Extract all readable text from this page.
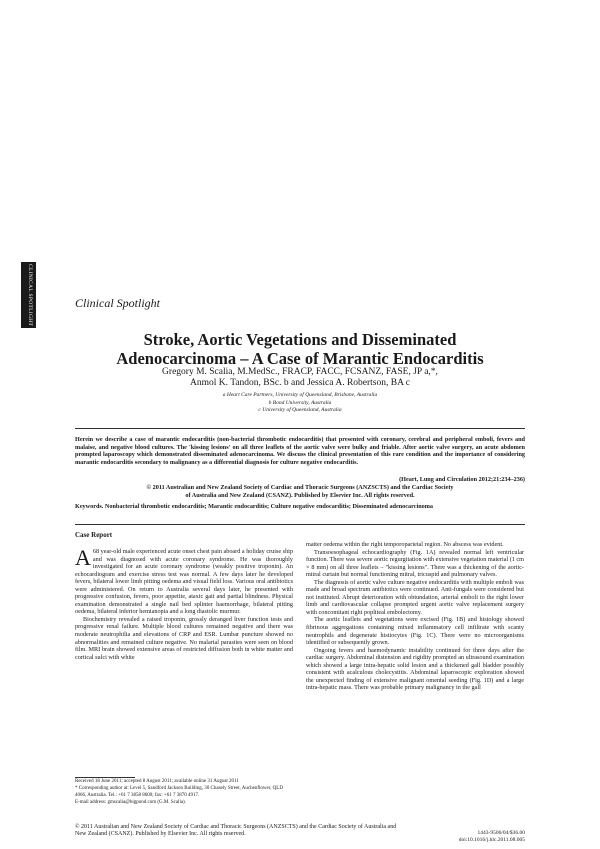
CLINICAL SPOTLIGHT	Clinical Spotlight
Stroke, Aortic Vegetations and Disseminated
Adenocarcinoma – A Case of Marantic Endocarditis
Gregory M. Scalia, M.MedSc., FRACP, FACC, FCSANZ, FASE, JP a,*,
Anmol K. Tandon, BSc. b and Jessica A. Robertson, BA c
a Heart Care Partners, University of Queensland, Brisbane, Australia
b Bond University, Australia
c University of Queensland, Australia
Herein we describe a case of marantic endocarditis (non-bacterial thrombotic endocarditis) that presented with coronary, cerebral and peripheral emboli, fevers and malaise, and negative blood cultures. The 'kissing lesions' on all three leaflets of the aortic valve were bulky and friable. After aortic valve surgery, an acute abdomen prompted laparoscopy which demonstrated disseminated adenocarcinoma. We discuss the clinical presentation of this rare condition and the importance of considering marantic endocarditis secondary to malignancy as a differential diagnosis for culture negative endocarditis.
(Heart, Lung and Circulation 2012;21:234–236)
© 2011 Australian and New Zealand Society of Cardiac and Thoracic Surgeons (ANZSCTS) and the Cardiac Society
of Australia and New Zealand (CSANZ). Published by Elsevier Inc. All rights reserved.
Keywords. Nonbacterial thrombotic endocarditis; Marantic endocarditis; Culture negative endocarditis; Disseminated adenocarcinoma
Case Report

A 68 year-old male experienced acute onset chest pain aboard a holiday cruise ship and was diagnosed with acute coronary syndrome. He was thoroughly investigated for an acute coronary syndrome (weakly positive troponin). An echocardiogram and exercise stress test was normal. A few days later he developed fevers, bilateral lower limb pitting oedema and visual field loss. Various oral antibiotics were administered. On return to Australia several days later, he presented with progressive confusion, fevers, poor appetite, ataxic gait and partial blindness. Physical examination demonstrated a single nail bed splinter haemorrhage, bilateral pitting oedema, bilateral inferior hemianopia and a long diastolic murmur.

Biochemistry revealed a raised troponin, grossly deranged liver function tests and progressive renal failure. Multiple blood cultures remained negative and there was moderate neutrophilia and elevations of CRP and ESR. Lumbar puncture showed no abnormalities and remained culture negative. No malarial parasites were seen on blood film. MRI brain showed extensive areas of restricted diffusion both in white matter and cortical sulci with white

matter oedema within the right temporoparietal region. No abscess was evident.

Transoesophageal echocardiography (Fig. 1A) revealed normal left ventricular function. There was severe aortic regurgitation with extensive vegetation material (1 cm × 8 mm) on all three leaflets – "kissing lesions". There was a thickening of the aortic-mitral curtain but normal functioning mitral, tricuspid and pulmonary valves.

The diagnosis of aortic valve culture negative endocarditis with multiple emboli was made and broad spectrum antibiotics were continued. Anti-fungals were considered but not instituted. Abrupt deterioration with obtundation, arterial emboli to the right lower limb and cardiovascular collapse prompted urgent aortic valve replacement surgery with concomitant right popliteal embolectomy.

The aortic leaflets and vegetations were excised (Fig. 1B) and histology showed fibrinous aggregations containing mixed inflammatory cell infiltrate with scanty neutrophils and degenerate histiocytes (Fig. 1C). There were no microorganisms identified or subsequently grown.

Ongoing fevers and haemodynamic instability continued for three days after the cardiac surgery. Abdominal distension and rigidity prompted an ultrasound examination which showed a large intra-hepatic solid lesion and a thickened gall bladder possibly consistent with acalculous cholecystitis. Abdominal laparoscopic exploration showed the unexpected finding of extensive malignant omental seeding (Fig. 1D) and a large intra-hepatic mass. There was probable primary malignancy in the gall

Received 18 June 2011; accepted 8 August 2011; available online 31 August 2011

* Corresponding author at: Level 5, Sandford Jackson Building, 30 Chasely Street, Auchenflower, QLD 4066, Australia. Tel.: +61 7 3858 8600; fax: +61 7 3870 4917.

E-mail address: gmscalia@bigpond.com (G.M. Scalia).

© 2011 Australian and New Zealand Society of Cardiac and Thoracic Surgeons (ANZSCTS) and the Cardiac Society of Australia and New Zealand (CSANZ). Published by Elsevier Inc. All rights reserved.	1443-9506/04/$36.00
doi:10.1016/j.hlc.2011.08.005
